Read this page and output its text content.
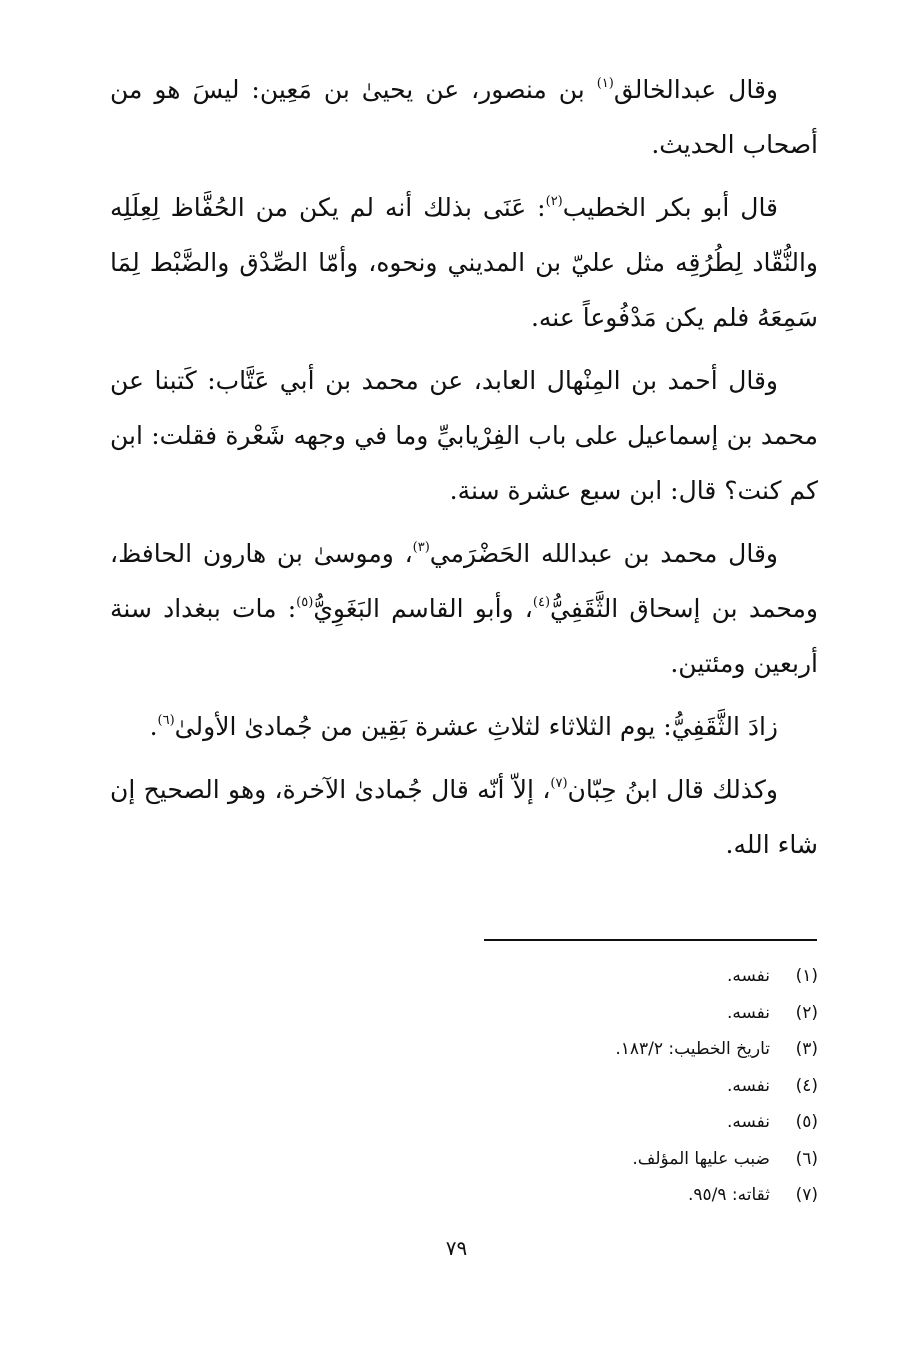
وقال عبدالخالق$^{(١)}$ بن منصور، عن يحيىٰ بن مَعِين: ليسَ هو من أصحاب الحديث.

قال أبو بكر الخطيب$^{(٢)}$: عَنَى بذلك أنه لم يكن من الحُفَّاظ لِعِلَلِه والنُّقّاد لِطُرُقِه مثل عليّ بن المديني ونحوه، وأمّا الصِّدْق والضَّبْط لِمَا سَمِعَهُ فلم يكن مَدْفُوعاً عنه.

وقال أحمد بن المِنْهال العابد، عن محمد بن أبي عَتَّاب: كَتبنا عن محمد بن إسماعيل على باب الفِرْيابيِّ وما في وجهه شَعْرة فقلت: ابن كم كنت؟ قال: ابن سبع عشرة سنة.

وقال محمد بن عبدالله الحَضْرَمي$^{(٣)}$، وموسىٰ بن هارون الحافظ، ومحمد بن إسحاق الثَّقَفِيُّ$^{(٤)}$، وأبو القاسم البَغَوِيُّ$^{(٥)}$: مات ببغداد سنة أربعين ومئتين.

زادَ الثَّقَفِيُّ: يوم الثلاثاء لثلاثِ عشرة بَقِين من جُمادىٰ الأولىٰ$^{(٦)}$.

وكذلك قال ابنُ حِبّان$^{(٧)}$، إلاّ أنّه قال جُمادىٰ الآخرة، وهو الصحيح إن شاء الله.

(١)
نفسه.
(٢)
نفسه.
(٣)
تاريخ الخطيب: ١٨٣/٢.
(٤)
نفسه.
(٥)
نفسه.
(٦)
ضبب عليها المؤلف.
(٧)
ثقاته: ٩٥/٩.
٧٩
